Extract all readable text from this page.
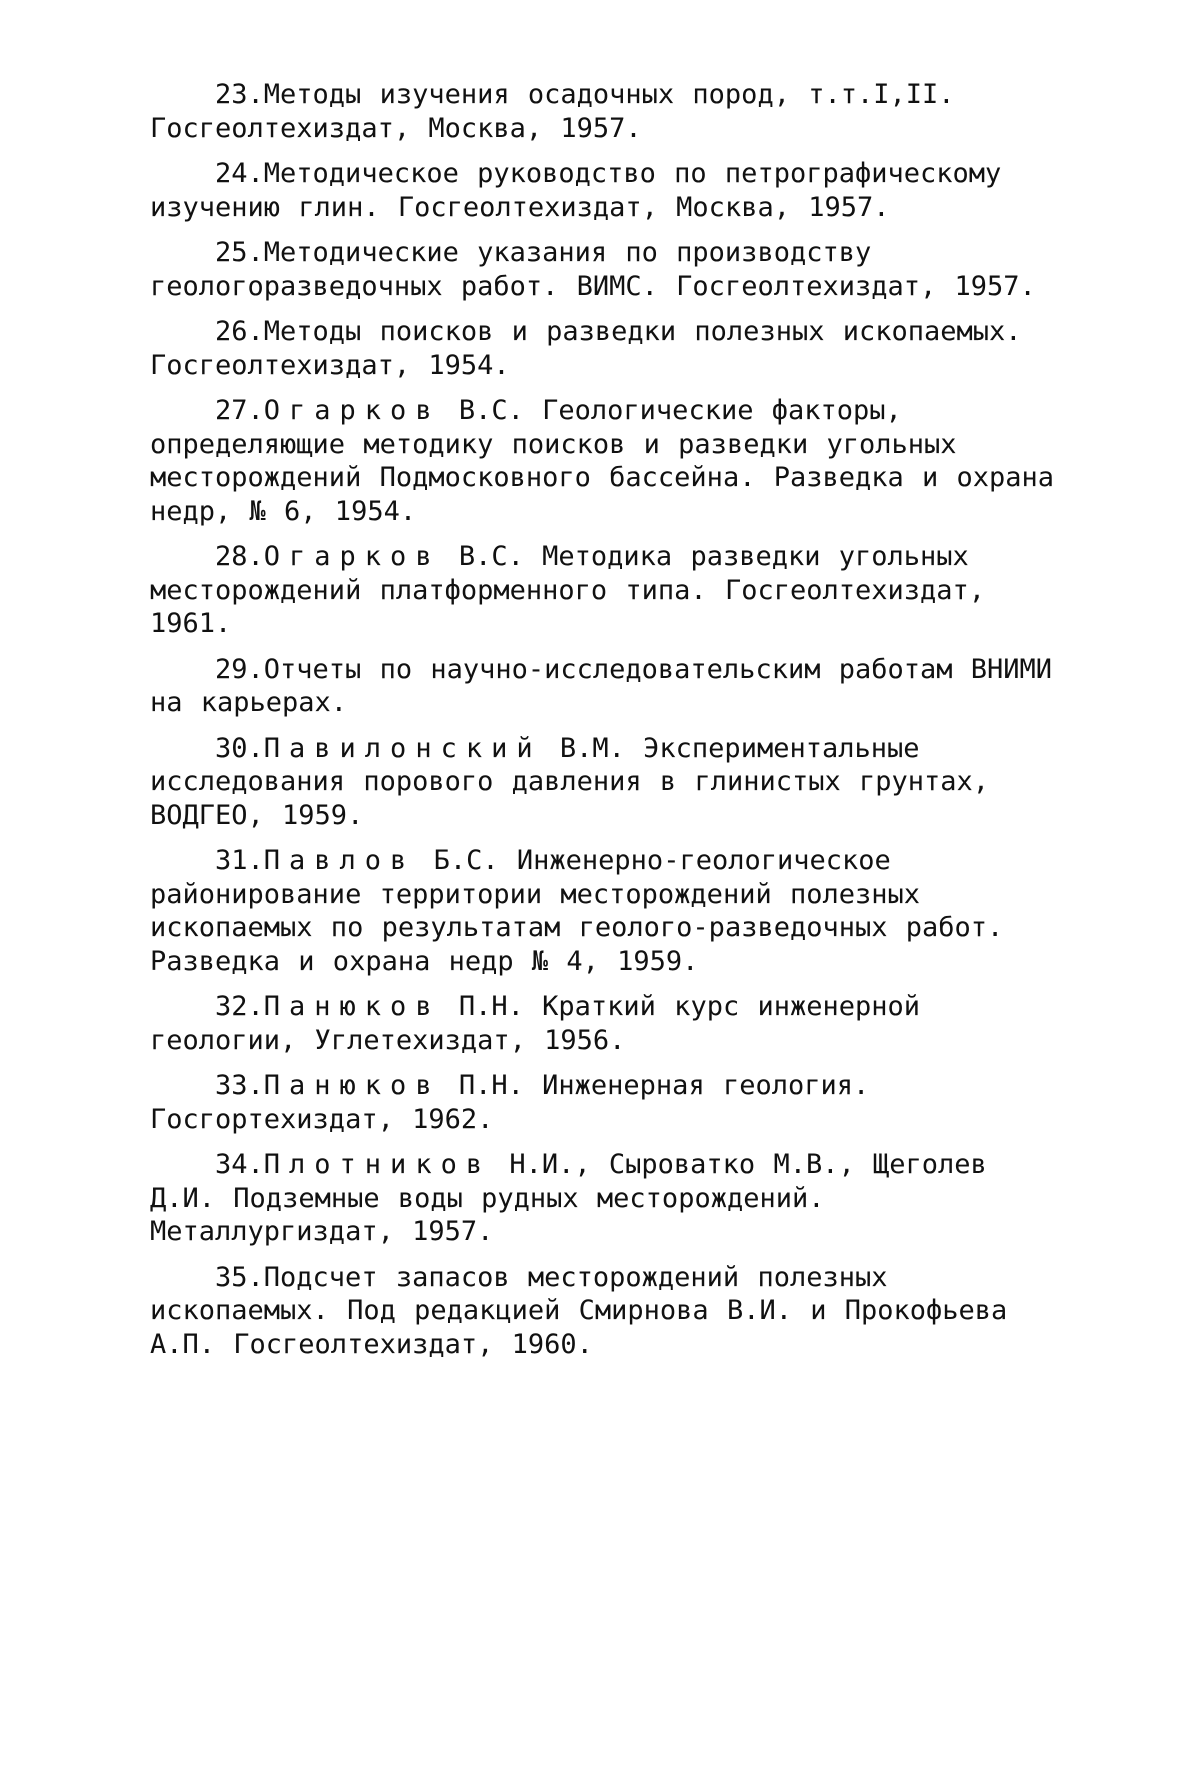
23.Методы изучения осадочных пород, т.т.I,II. Госгеолтехиздат, Москва, 1957.

24.Методическое руководство по петрографическому изучению глин. Госгеолтехиздат, Москва, 1957.

25.Методические указания по производству геологоразведочных работ. ВИМС. Госгеолтехиздат, 1957.

26.Методы поисков и разведки полезных ископаемых. Госгеолтехиздат, 1954.

27.Огарков В.С. Геологические факторы, определяющие методику поисков и разведки угольных месторождений Подмосковного бассейна. Разведка и охрана недр, № 6, 1954.

28.Огарков В.С. Методика разведки угольных месторождений платформенного типа. Госгеолтехиздат, 1961.

29.Отчеты по научно-исследовательским работам ВНИМИ на карьерах.

30.Павилонский В.М. Экспериментальные исследования порового давления в глинистых грунтах, ВОДГЕО, 1959.

31.Павлов Б.С. Инженерно-геологическое районирование территории месторождений полезных ископаемых по результатам геолого-разведочных работ. Разведка и охрана недр № 4, 1959.

32.Панюков П.Н. Краткий курс инженерной геологии, Углетехиздат, 1956.

33.Панюков П.Н. Инженерная геология. Госгортехиздат, 1962.

34.Плотников Н.И., Сыроватко М.В., Щеголев Д.И. Подземные воды рудных месторождений. Металлургиздат, 1957.

35.Подсчет запасов месторождений полезных ископаемых. Под редакцией Смирнова В.И. и Прокофьева А.П. Госгеолтехиздат, 1960.
